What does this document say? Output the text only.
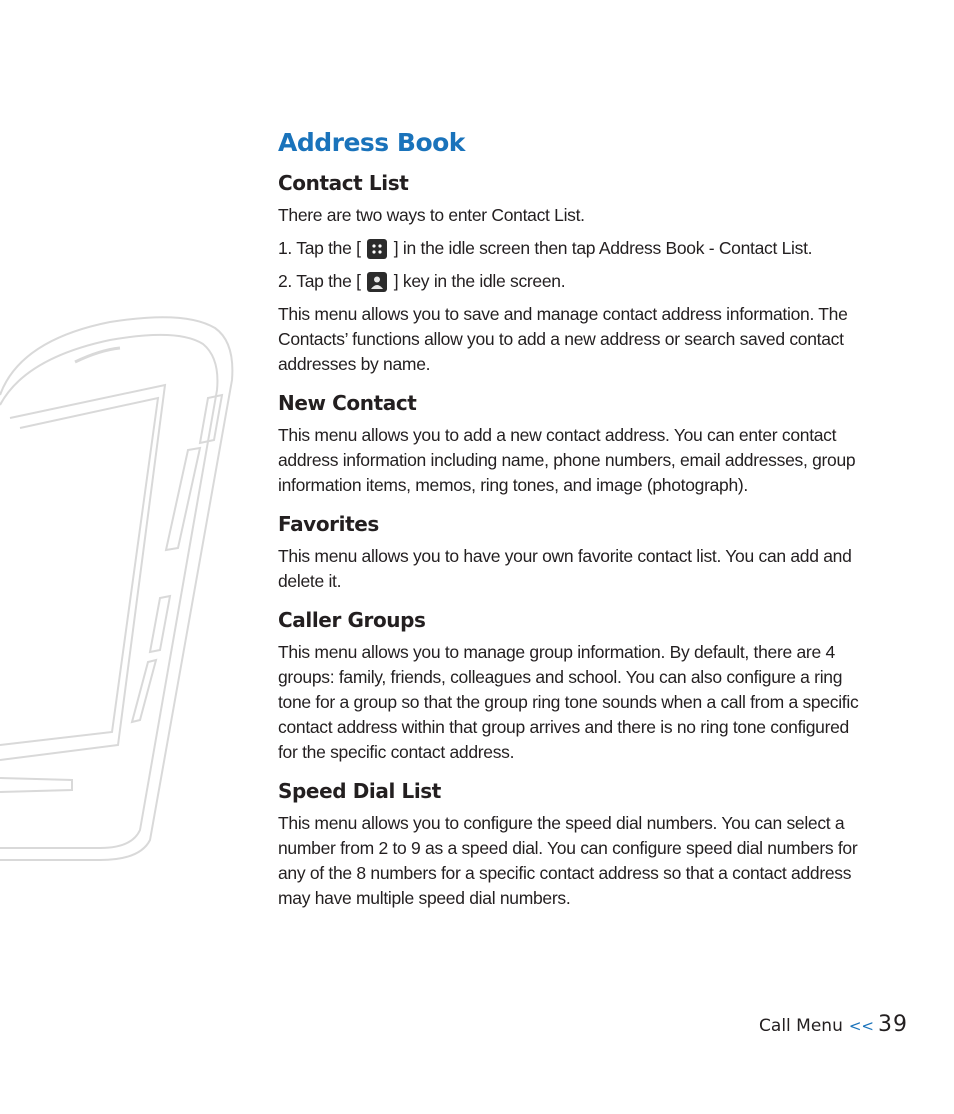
Address Book
Contact List

There are two ways to enter Contact List.

1. Tap the [ ] in the idle screen then tap Address Book - Contact List.

2. Tap the [ ] key in the idle screen.

This menu allows you to save and manage contact address information. The Contacts’ functions allow you to add a new address or search saved contact addresses by name.

New Contact

This menu allows you to add a new contact address. You can enter contact address information including name, phone numbers, email addresses, group information items, memos, ring tones, and image (photograph).

Favorites

This menu allows you to have your own favorite contact list. You can add and delete it.

Caller Groups

This menu allows you to manage group information. By default, there are 4 groups: family, friends, colleagues and school. You can also configure a ring tone for a group so that the group ring tone sounds when a call from a specific contact address within that group arrives and there is no ring tone configured for the specific contact address.

Speed Dial List

This menu allows you to configure the speed dial numbers. You can select a number from 2 to 9 as a speed dial. You can configure speed dial numbers for any of the 8 numbers for a specific contact address so that a contact address may have multiple speed dial numbers.

Call Menu << 39
